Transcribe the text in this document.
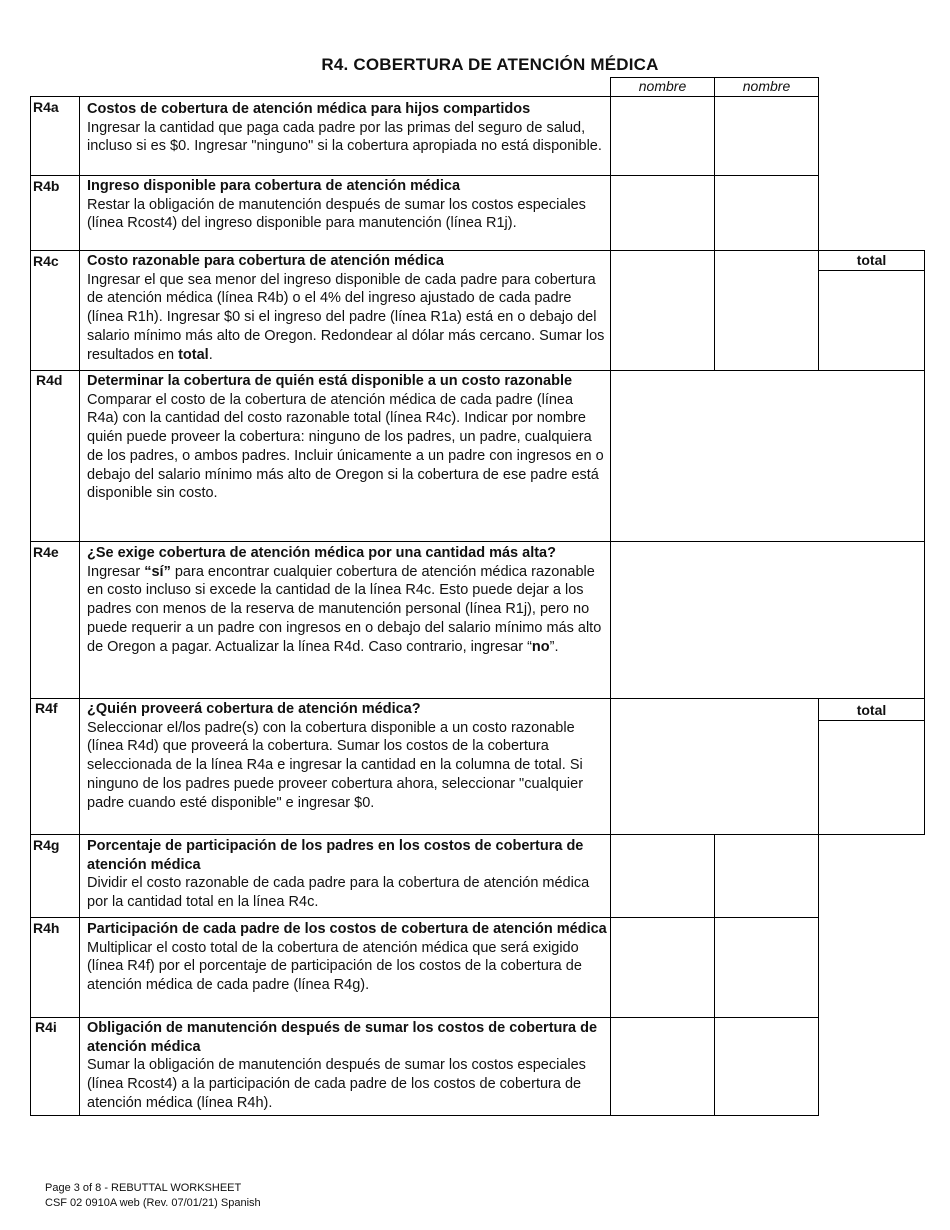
R4. COBERTURA DE ATENCIÓN MÉDICA
nombre	nombre
total
total
R4a
R4b
R4c
R4d
R4e
R4f
R4g
R4h
R4i
Costos de cobertura de atención médica para hijos compartidos
Ingresar la cantidad que paga cada padre por las primas del seguro de salud, incluso si es $0. Ingresar "ninguno" si la cobertura apropiada no está disponible.
Ingreso disponible para cobertura de atención médica
Restar la obligación de manutención después de sumar los costos especiales (línea Rcost4) del ingreso disponible para manutención (línea R1j).
Costo razonable para cobertura de atención médica
Ingresar el que sea menor del ingreso disponible de cada padre para cobertura de atención médica (línea R4b) o el 4% del ingreso ajustado de cada padre (línea R1h). Ingresar $0 si el ingreso del padre (línea R1a) está en o debajo del salario mínimo más alto de Oregon. Redondear al dólar más cercano. Sumar los resultados en total.
Determinar la cobertura de quién está disponible a un costo razonable
Comparar el costo de la cobertura de atención médica de cada padre (línea R4a) con la cantidad del costo razonable total (línea R4c). Indicar por nombre quién puede proveer la cobertura: ninguno de los padres, un padre, cualquiera de los padres, o ambos padres. Incluir únicamente a un padre con ingresos en o debajo del salario mínimo más alto de Oregon si la cobertura de ese padre está disponible sin costo.
¿Se exige cobertura de atención médica por una cantidad más alta?
Ingresar “sí” para encontrar cualquier cobertura de atención médica razonable en costo incluso si excede la cantidad de la línea R4c. Esto puede dejar a los padres con menos de la reserva de manutención personal (línea R1j), pero no puede requerir a un padre con ingresos en o debajo del salario mínimo más alto de Oregon a pagar. Actualizar la línea R4d. Caso contrario, ingresar “no”.
¿Quién proveerá cobertura de atención médica?
Seleccionar el/los padre(s) con la cobertura disponible a un costo razonable (línea R4d) que proveerá la cobertura. Sumar los costos de la cobertura seleccionada de la línea R4a e ingresar la cantidad en la columna de total. Si ninguno de los padres puede proveer cobertura ahora, seleccionar "cualquier padre cuando esté disponible" e ingresar $0.
Porcentaje de participación de los padres en los costos de cobertura de atención médica
Dividir el costo razonable de cada padre para la cobertura de atención médica por la cantidad total en la línea R4c.
Participación de cada padre de los costos de cobertura de atención médica
Multiplicar el costo total de la cobertura de atención médica que será exigido (línea R4f) por el porcentaje de participación de los costos de la cobertura de atención médica de cada padre (línea R4g).
Obligación de manutención después de sumar los costos de cobertura de atención médica
Sumar la obligación de manutención después de sumar los costos especiales (línea Rcost4) a la participación de cada padre de los costos de cobertura de atención médica (línea R4h).
Page 3 of 8 - REBUTTAL WORKSHEET
CSF 02 0910A web (Rev. 07/01/21) Spanish
